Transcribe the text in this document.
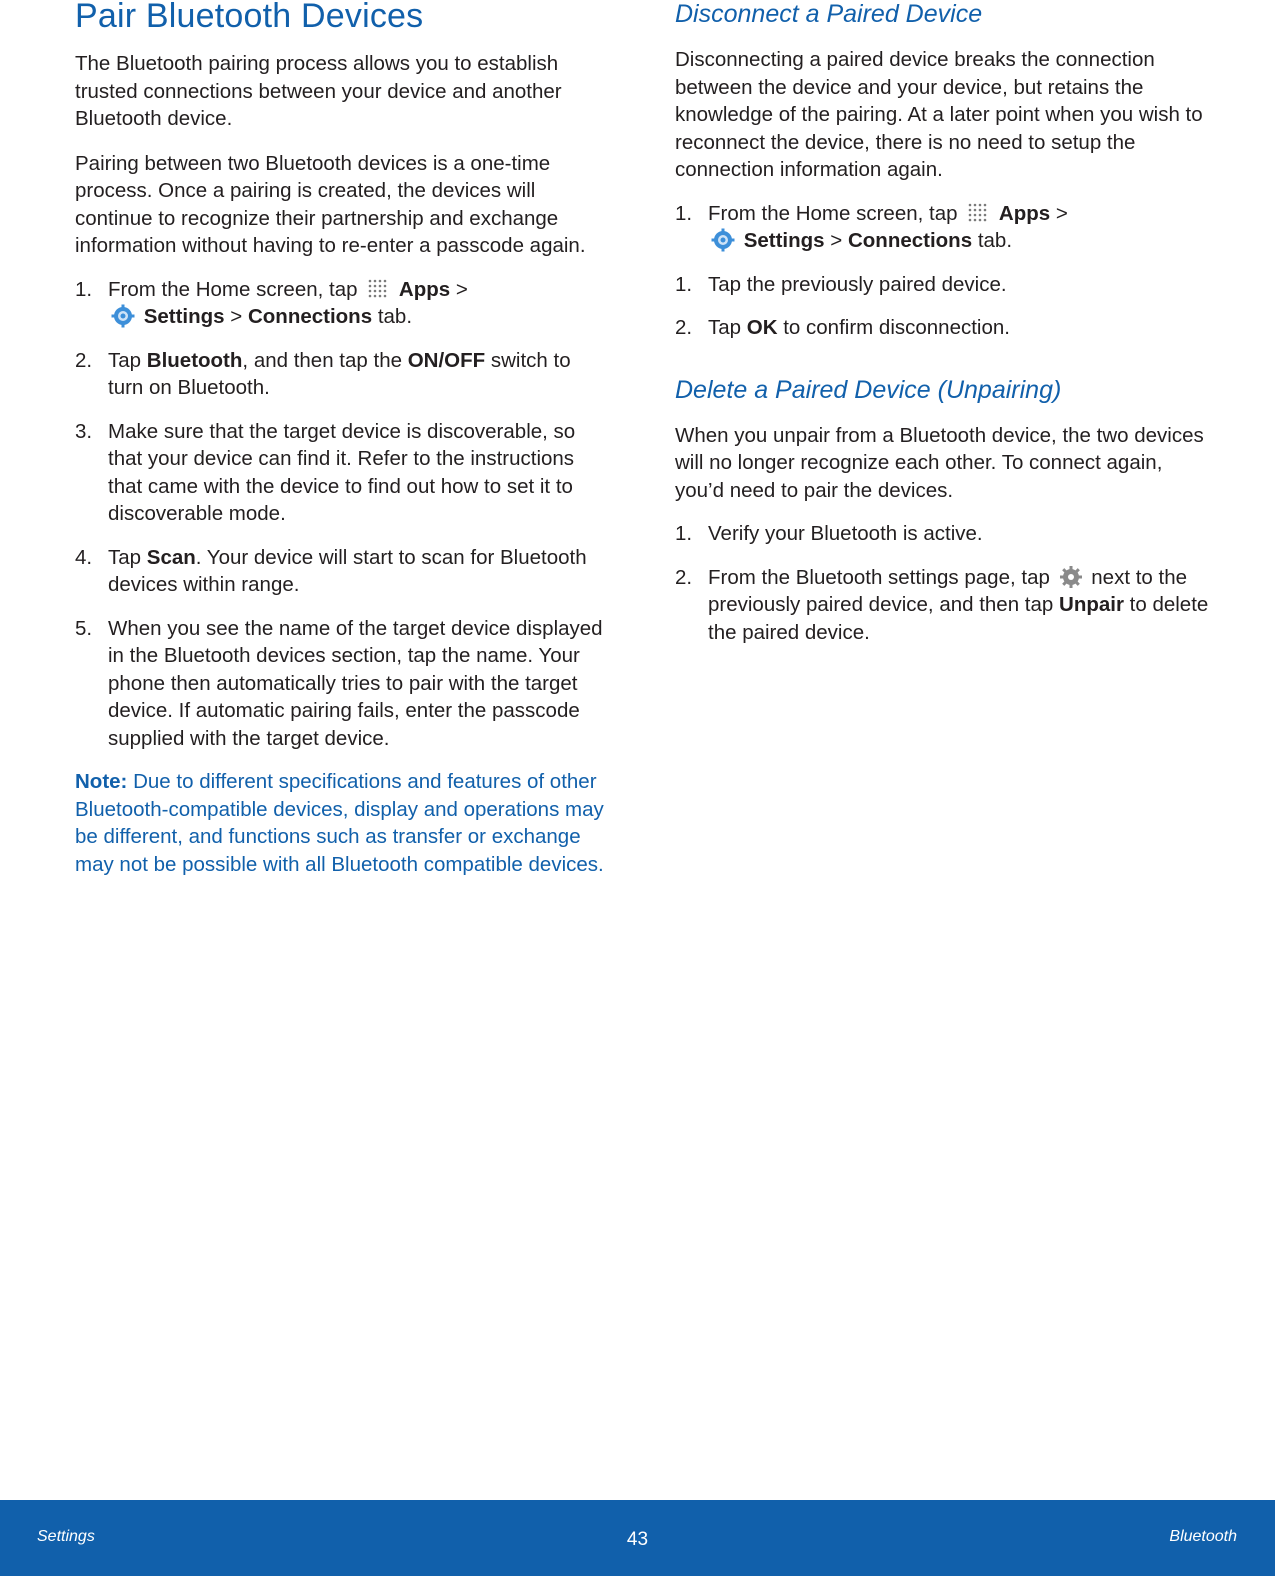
Pair Bluetooth Devices

The Bluetooth pairing process allows you to establish trusted connections between your device and another Bluetooth device.

Pairing between two Bluetooth devices is a one-time process. Once a pairing is created, the devices will continue to recognize their partnership and exchange information without having to re-enter a passcode again.

1. From the Home screen, tap Apps >
Settings > Connections tab.
2. Tap Bluetooth, and then tap the ON/OFF switch to turn on Bluetooth.
3. Make sure that the target device is discoverable, so that your device can find it. Refer to the instructions that came with the device to find out how to set it to discoverable mode.
4. Tap Scan. Your device will start to scan for Bluetooth devices within range.
5. When you see the name of the target device displayed in the Bluetooth devices section, tap the name. Your phone then automatically tries to pair with the target device. If automatic pairing fails, enter the passcode supplied with the target device.

Note: Due to different specifications and features of other Bluetooth-compatible devices, display and operations may be different, and functions such as transfer or exchange may not be possible with all Bluetooth compatible devices.

Disconnect a Paired Device

Disconnecting a paired device breaks the connection between the device and your device, but retains the knowledge of the pairing. At a later point when you wish to reconnect the device, there is no need to setup the connection information again.

1. From the Home screen, tap Apps >
Settings > Connections tab.
1. Tap the previously paired device.
2. Tap OK to confirm disconnection.
Delete a Paired Device (Unpairing)

When you unpair from a Bluetooth device, the two devices will no longer recognize each other. To connect again, you’d need to pair the devices.

1. Verify your Bluetooth is active.
2. From the Bluetooth settings page, tap next to the previously paired device, and then tap Unpair to delete the paired device.
Settings	43	Bluetooth
